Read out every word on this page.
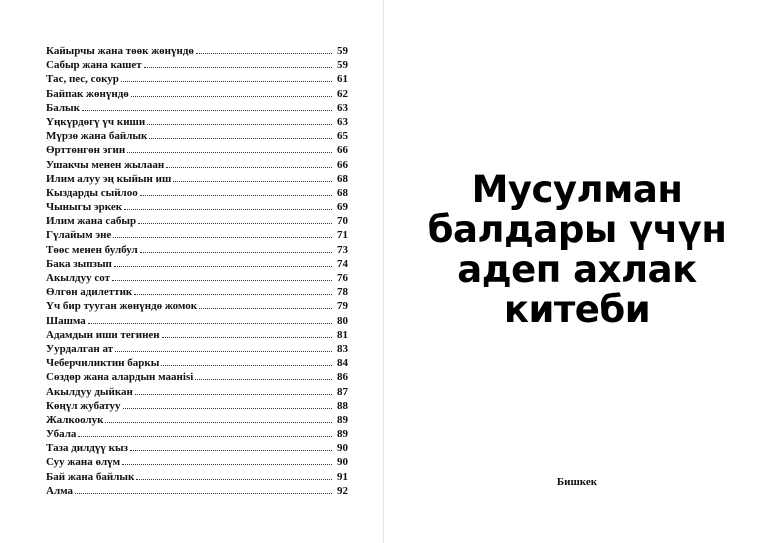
Кайырчы жана төөк жөнүндө	59
Сабыр жана кашет	59
Тас, пес, сокур	61
Байпак жөнүндө	62
Балык	63
Үңкүрдөгү үч киши	63
Мүрзө жана байлык	65
Өрттөнгөн эгин	66
Ушакчы менен жылаан	66
Илим алуу эң кыйын иш	68
Кыздарды сыйлоо	68
Чыныгы эркек	69
Илим жана сабыр	70
Гүлайым эне	71
Төөс менен булбул	73
Бака зыпзып	74
Акылдуу сот	76
Өлгөн адилеттик	78
Үч бир тууган жөнүндө жомок	79
Шашма	80
Адамдын иши тегинен	81
Уурдалган ат	83
Чеберчиликтин баркы	84
Сөздөр жана алардын маанisi	86
Акылдуу дыйкан	87
Көңүл жубатуу	88
Жалкоолук	89
Убала	89
Таза дилдүү кыз	90
Суу жана өлүм	90
Бай жана байлык	91
Алма	92
Мусулман
балдары үчүн
адеп ахлак
китеби
Бишкек
